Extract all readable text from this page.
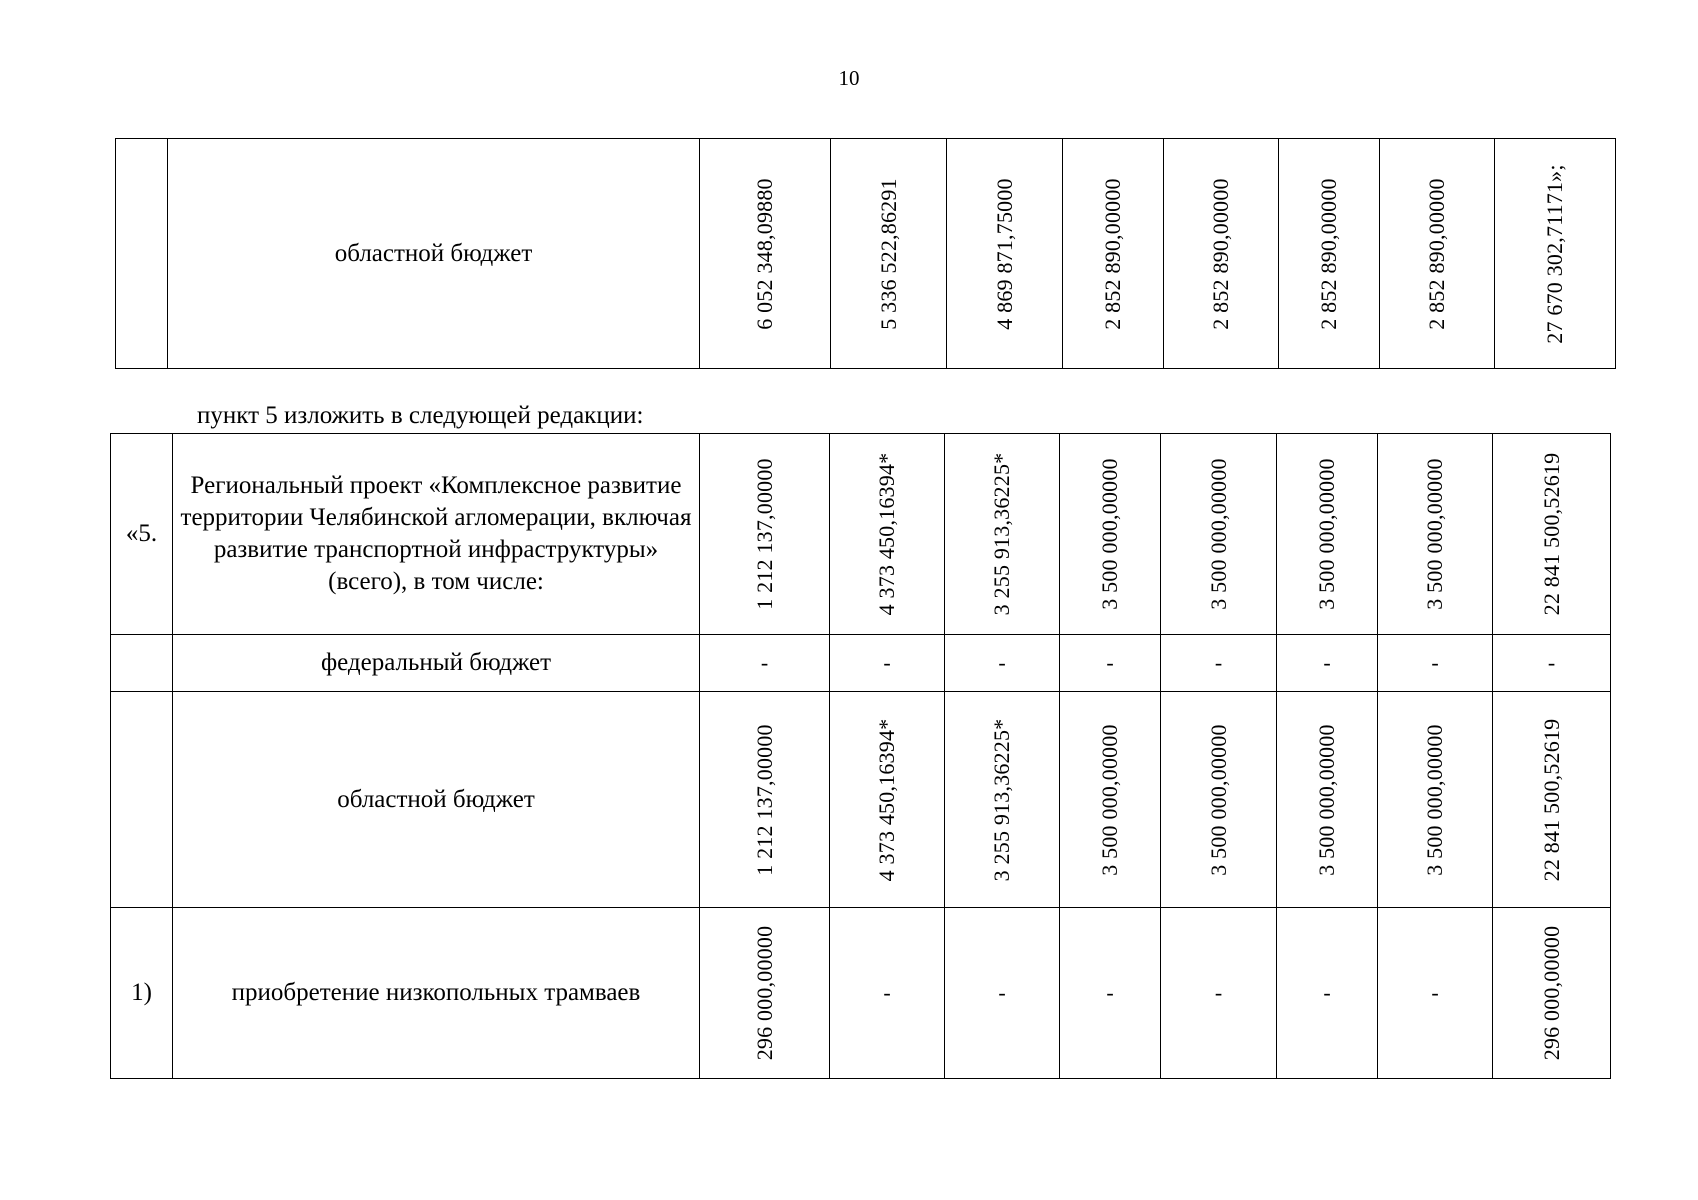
10
	областной бюджет	6 052 348,09880	5 336 522,86291	4 869 871,75000	2 852 890,00000	2 852 890,00000	2 852 890,00000	2 852 890,00000	27 670 302,71171»;
пункт 5 изложить в следующей редакции:
«5.	Региональный проект «Комплексное развитие территории Челябинской агломерации, включая развитие транспортной инфраструктуры» (всего), в том числе:	1 212 137,00000	4 373 450,16394*	3 255 913,36225*	3 500 000,00000	3 500 000,00000	3 500 000,00000	3 500 000,00000	22 841 500,52619

	федеральный бюджет	-	-	-	-	-	-	-	-
	областной бюджет	1 212 137,00000	4 373 450,16394*	3 255 913,36225*	3 500 000,00000	3 500 000,00000	3 500 000,00000	3 500 000,00000	22 841 500,52619

1)	приобретение низкопольных трамваев	296 000,00000	-	-	-	-	-	-	296 000,00000
